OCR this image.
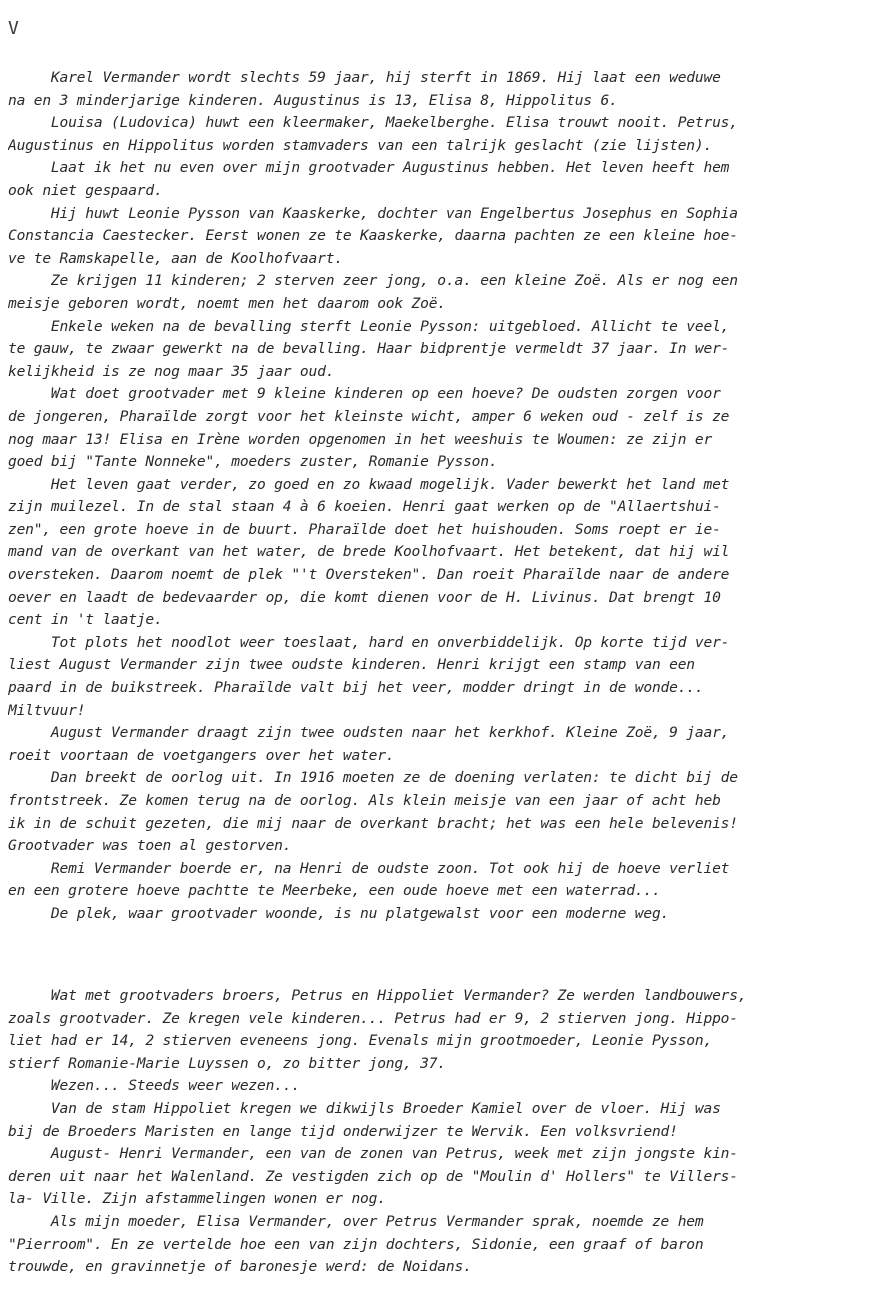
V
Karel Vermander wordt slechts 59 jaar, hij sterft in 1869. Hij laat een weduwe
na en 3 minderjarige kinderen. Augustinus is 13, Elisa 8, Hippolitus 6.
Louisa (Ludovica) huwt een kleermaker, Maekelberghe. Elisa trouwt nooit. Petrus,
Augustinus en Hippolitus worden stamvaders van een talrijk geslacht (zie lijsten).
Laat ik het nu even over mijn grootvader Augustinus hebben. Het leven heeft hem
ook niet gespaard.
Hij huwt Leonie Pysson van Kaaskerke, dochter van Engelbertus Josephus en Sophia
Constancia Caestecker. Eerst wonen ze te Kaaskerke, daarna pachten ze een kleine hoe-
ve te Ramskapelle, aan de Koolhofvaart.
Ze krijgen 11 kinderen; 2 sterven zeer jong, o.a. een kleine Zoë. Als er nog een
meisje geboren wordt, noemt men het daarom ook Zoë.
Enkele weken na de bevalling sterft Leonie Pysson: uitgebloed. Allicht te veel,
te gauw, te zwaar gewerkt na de bevalling. Haar bidprentje vermeldt 37 jaar. In wer-
kelijkheid is ze nog maar 35 jaar oud.
Wat doet grootvader met 9 kleine kinderen op een hoeve? De oudsten zorgen voor
de jongeren, Pharaïlde zorgt voor het kleinste wicht, amper 6 weken oud - zelf is ze
nog maar 13! Elisa en Irène worden opgenomen in het weeshuis te Woumen: ze zijn er
goed bij "Tante Nonneke", moeders zuster, Romanie Pysson.
Het leven gaat verder, zo goed en zo kwaad mogelijk. Vader bewerkt het land met
zijn muilezel. In de stal staan 4 à 6 koeien. Henri gaat werken op de "Allaertshui-
zen", een grote hoeve in de buurt. Pharaïlde doet het huishouden. Soms roept er ie-
mand van de overkant van het water, de brede Koolhofvaart. Het betekent, dat hij wil
oversteken. Daarom noemt de plek "'t Oversteken". Dan roeit Pharaïlde naar de andere
oever en laadt de bedevaarder op, die komt dienen voor de H. Livinus. Dat brengt 10
cent in 't laatje.
Tot plots het noodlot weer toeslaat, hard en onverbiddelijk. Op korte tijd ver-
liest August Vermander zijn twee oudste kinderen. Henri krijgt een stamp van een
paard in de buikstreek. Pharaïlde valt bij het veer, modder dringt in de wonde...
Miltvuur!
August Vermander draagt zijn twee oudsten naar het kerkhof. Kleine Zoë, 9 jaar,
roeit voortaan de voetgangers over het water.
Dan breekt de oorlog uit. In 1916 moeten ze de doening verlaten: te dicht bij de
frontstreek. Ze komen terug na de oorlog. Als klein meisje van een jaar of acht heb
ik in de schuit gezeten, die mij naar de overkant bracht; het was een hele belevenis!
Grootvader was toen al gestorven.
Remi Vermander boerde er, na Henri de oudste zoon. Tot ook hij de hoeve verliet
en een grotere hoeve pachtte te Meerbeke, een oude hoeve met een waterrad...
De plek, waar grootvader woonde, is nu platgewalst voor een moderne weg.
Wat met grootvaders broers, Petrus en Hippoliet Vermander? Ze werden landbouwers,
zoals grootvader. Ze kregen vele kinderen... Petrus had er 9, 2 stierven jong. Hippo-
liet had er 14, 2 stierven eveneens jong. Evenals mijn grootmoeder, Leonie Pysson,
stierf Romanie-Marie Luyssen o, zo bitter jong, 37.
Wezen... Steeds weer wezen...
Van de stam Hippoliet kregen we dikwijls Broeder Kamiel over de vloer. Hij was
bij de Broeders Maristen en lange tijd onderwijzer te Wervik. Een volksvriend!
August- Henri Vermander, een van de zonen van Petrus, week met zijn jongste kin-
deren uit naar het Walenland. Ze vestigden zich op de "Moulin d' Hollers" te Villers-
la- Ville. Zijn afstammelingen wonen er nog.
Als mijn moeder, Elisa Vermander, over Petrus Vermander sprak, noemde ze hem
"Pierroom". En ze vertelde hoe een van zijn dochters, Sidonie, een graaf of baron
trouwde, en gravinnetje of baronesje werd: de Noidans.
